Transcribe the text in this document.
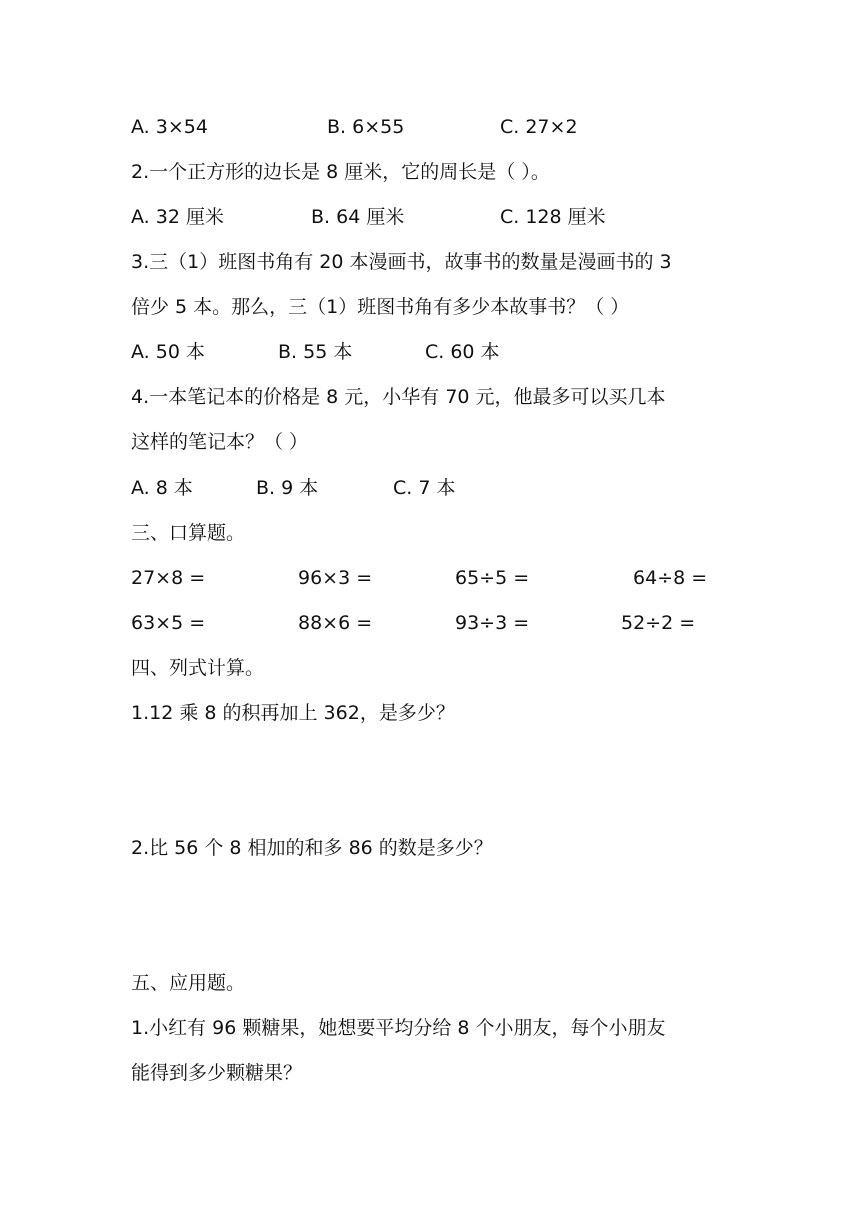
A. 3×54	B. 6×55	C. 27×2
2.一个正方形的边长是 8 厘米，它的周长是（ ）。
A. 32 厘米	B. 64 厘米	C. 128 厘米
3.三（1）班图书角有 20 本漫画书，故事书的数量是漫画书的 3
倍少 5 本。那么，三（1）班图书角有多少本故事书？（ ）
A. 50 本	B. 55 本	C. 60 本
4.一本笔记本的价格是 8 元，小华有 70 元，他最多可以买几本
这样的笔记本？（ ）
A. 8 本	B. 9 本	C. 7 本
三、口算题。
27×8 =	96×3 =	65÷5 =	64÷8 =
63×5 =	88×6 =	93÷3 =	52÷2 =
四、列式计算。
1.12 乘 8 的积再加上 362，是多少？
2.比 56 个 8 相加的和多 86 的数是多少？
五、应用题。
1.小红有 96 颗糖果，她想要平均分给 8 个小朋友，每个小朋友
能得到多少颗糖果？
